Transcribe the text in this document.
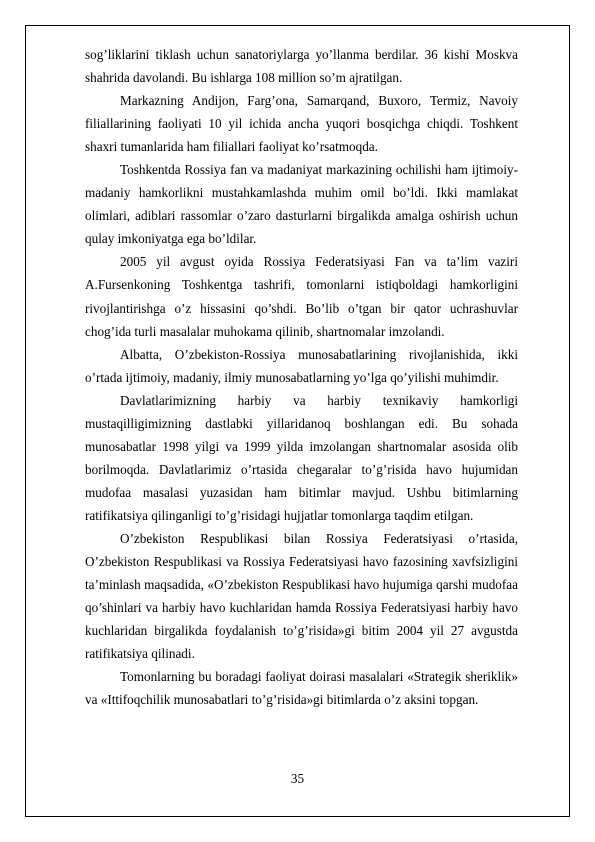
sog’liklarini tiklash uchun sanatoriylarga yo’llanma berdilar. 36 kishi Moskva shahrida davolandi. Bu ishlarga 108 million so’m ajratilgan.

Markazning Andijon, Farg’ona, Samarqand, Buxoro, Termiz, Navoiy filiallarining faoliyati 10 yil ichida ancha yuqori bosqichga chiqdi. Toshkent shaxri tumanlarida ham filiallari faoliyat ko’rsatmoqda.

Toshkentda Rossiya fan va madaniyat markazining ochilishi ham ijtimoiy-madaniy hamkorlikni mustahkamlashda muhim omil bo’ldi. Ikki mamlakat olimlari, adiblari rassomlar o’zaro dasturlarni birgalikda amalga oshirish uchun qulay imkoniyatga ega bo’ldilar.

2005 yil avgust oyida Rossiya Federatsiyasi Fan va ta’lim vaziri A.Fursenkoning Toshkentga tashrifi, tomonlarni istiqboldagi hamkorligini rivojlantirishga o’z hissasini qo’shdi. Bo’lib o’tgan bir qator uchrashuvlar chog’ida turli masalalar muhokama qilinib, shartnomalar imzolandi.

Albatta, O’zbekiston-Rossiya munosabatlarining rivojlanishida, ikki o’rtada ijtimoiy, madaniy, ilmiy munosabatlarning yo’lga qo’yilishi muhimdir.

Davlatlarimizning harbiy va harbiy texnikaviy hamkorligi mustaqilligimizning dastlabki yillaridanoq boshlangan edi. Bu sohada munosabatlar 1998 yilgi va 1999 yilda imzolangan shartnomalar asosida olib borilmoqda. Davlatlarimiz o’rtasida chegaralar to’g’risida havo hujumidan mudofaa masalasi yuzasidan ham bitimlar mavjud. Ushbu bitimlarning ratifikatsiya qilinganligi to’g’risidagi hujjatlar tomonlarga taqdim etilgan.

O’zbekiston Respublikasi bilan Rossiya Federatsiyasi o’rtasida, O’zbekiston Respublikasi va Rossiya Federatsiyasi havo fazosining xavfsizligini ta’minlash maqsadida, «O’zbekiston Respublikasi havo hujumiga qarshi mudofaa qo’shinlari va harbiy havo kuchlaridan hamda Rossiya Federatsiyasi harbiy havo kuchlaridan birgalikda foydalanish to’g’risida»gi bitim 2004 yil 27 avgustda ratifikatsiya qilinadi.

Tomonlarning bu boradagi faoliyat doirasi masalalari «Strategik sheriklik» va «Ittifoqchilik munosabatlari to’g’risida»gi bitimlarda o’z aksini topgan.

35
